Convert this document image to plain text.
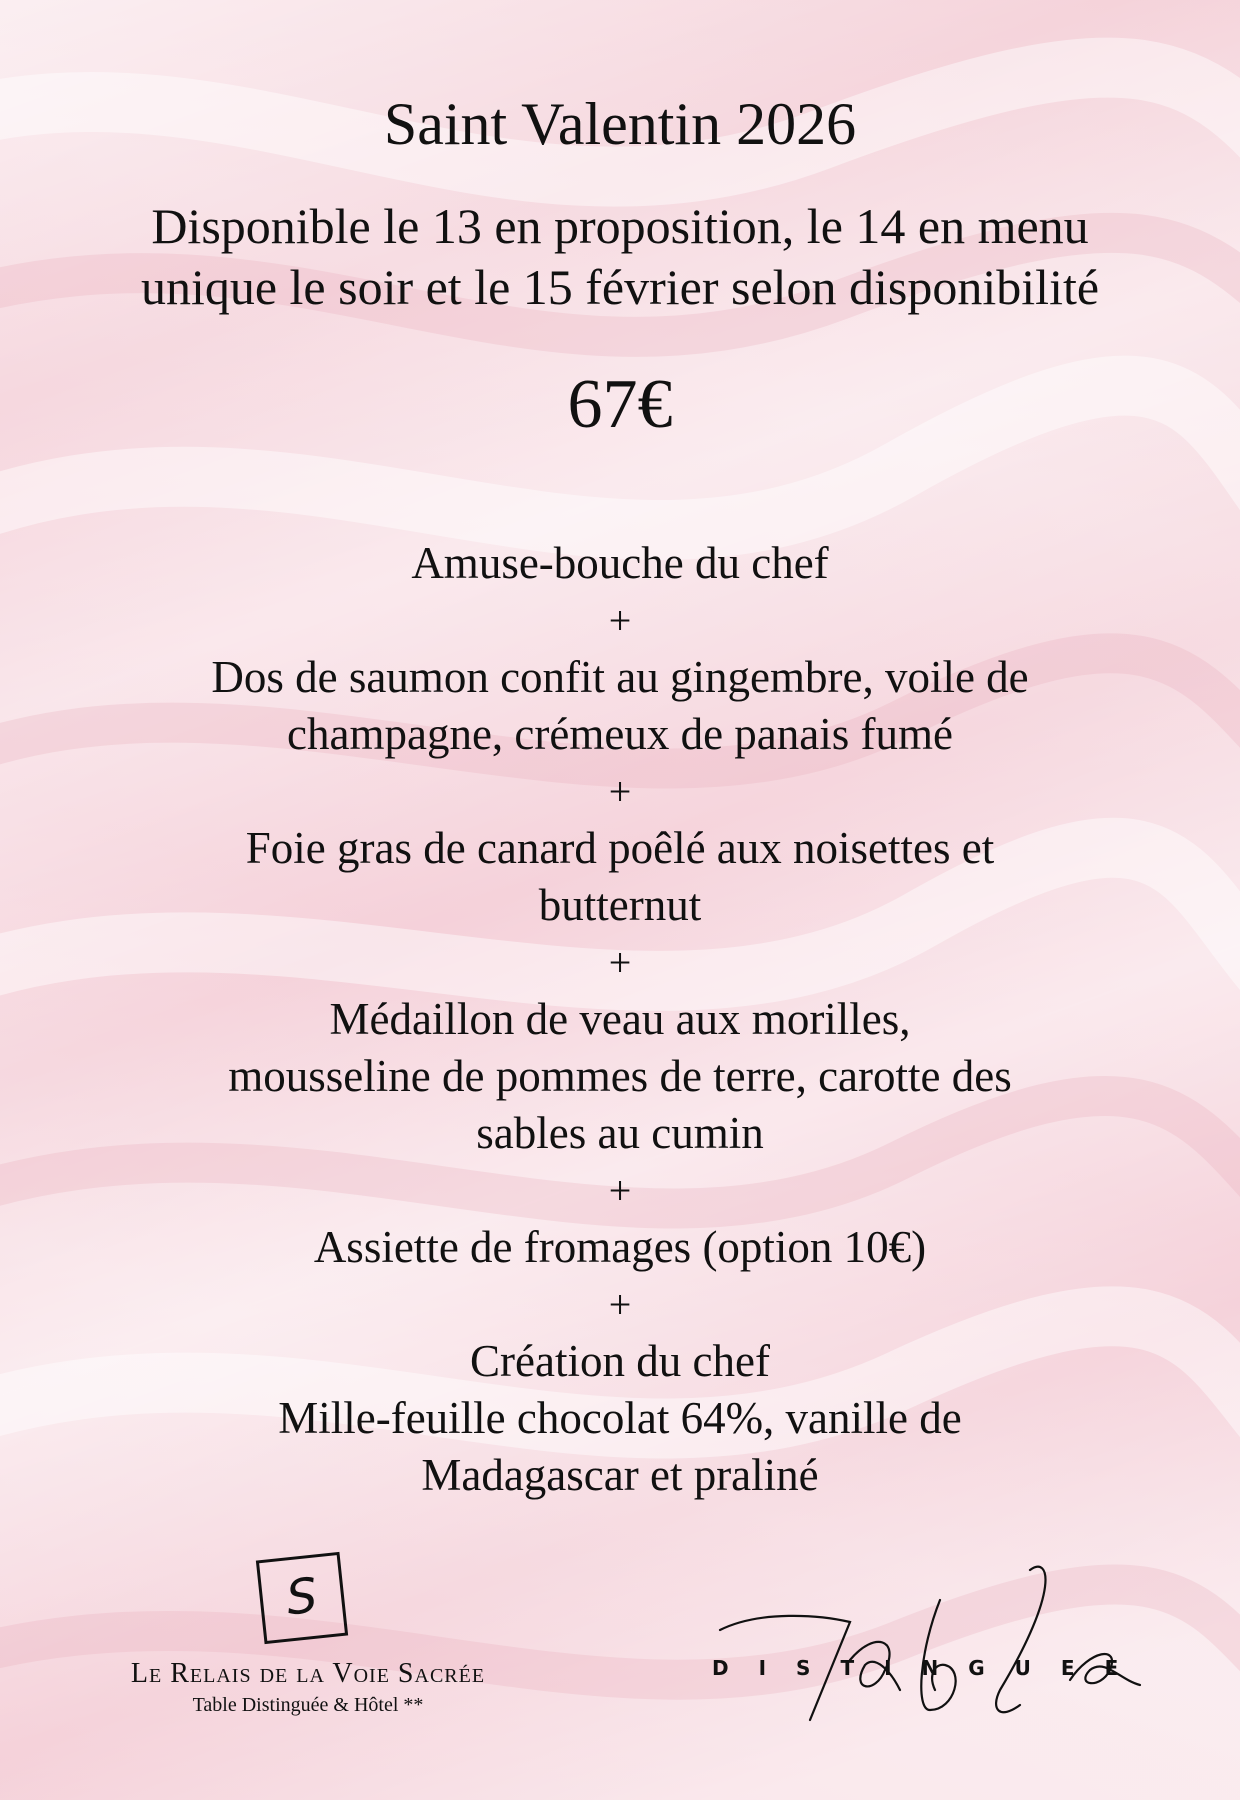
Saint Valentin 2026
Disponible le 13 en proposition, le 14 en menu
unique le soir et le 15 février selon disponibilité
67€
Amuse-bouche du chef
+
Dos de saumon confit au gingembre, voile de
champagne, crémeux de panais fumé
+
Foie gras de canard poêlé aux noisettes et
butternut
+
Médaillon de veau aux morilles,
mousseline de pommes de terre, carotte des
sables au cumin
+
Assiette de fromages (option 10€)
+
Création du chef
Mille-feuille chocolat 64%, vanille de
Madagascar et praliné
S
Le Relais de la Voie Sacrée
Table Distinguée & Hôtel **
DISTINGUEE
